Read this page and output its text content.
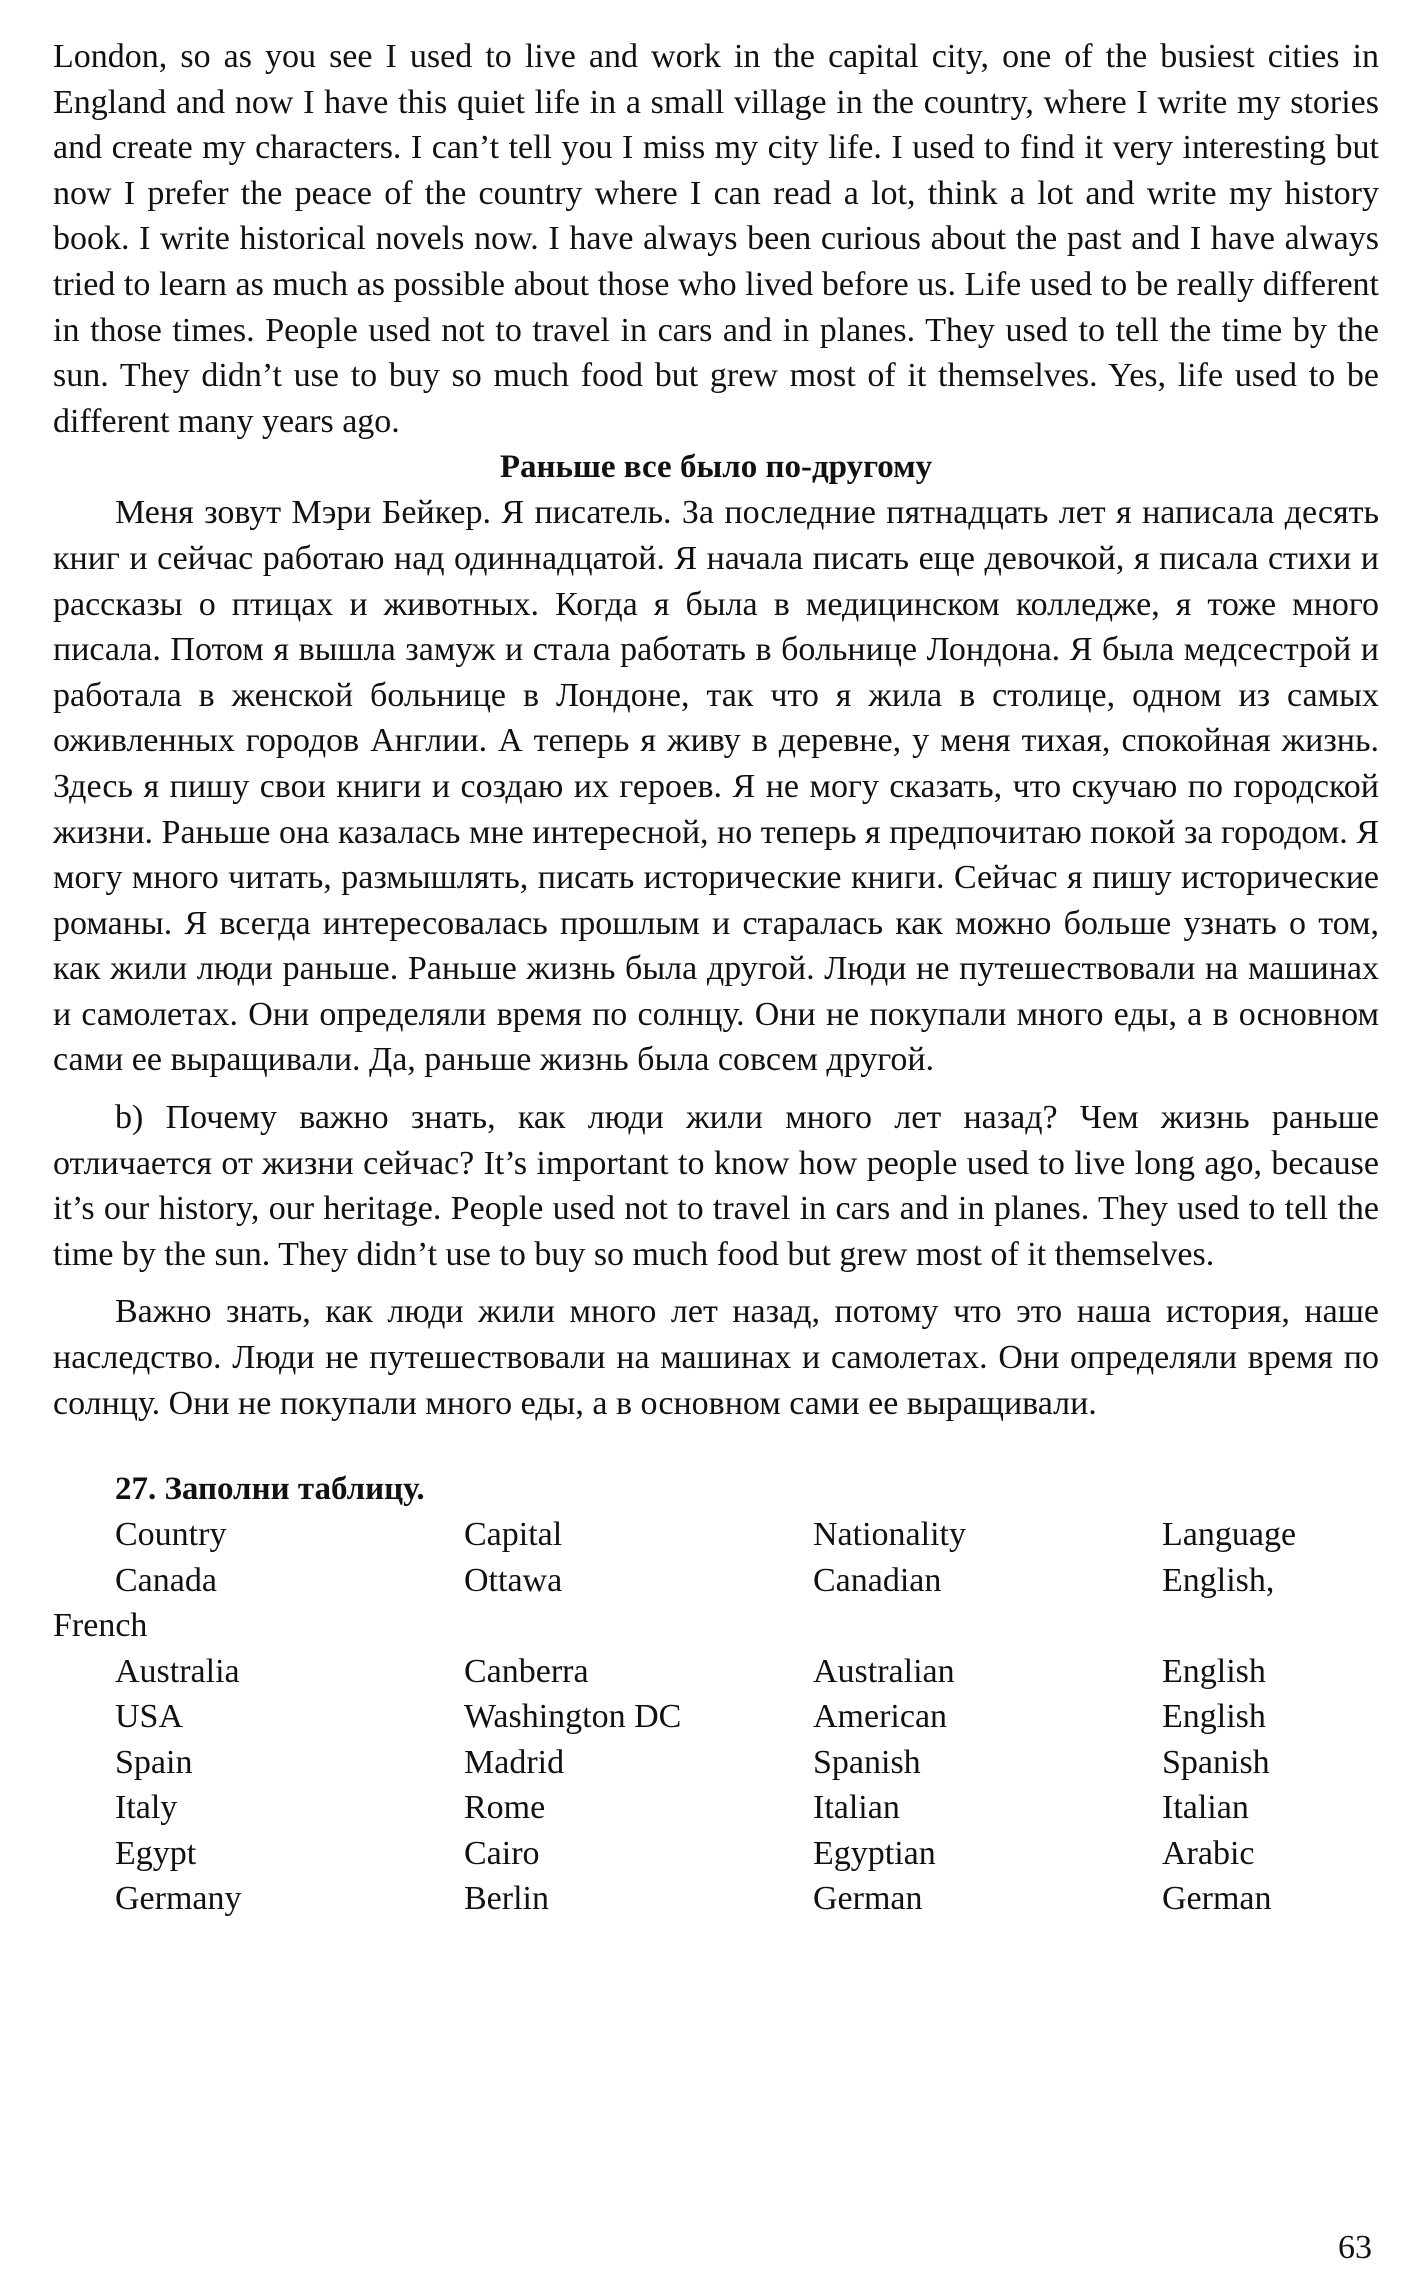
London, so as you see I used to live and work in the capital city, one of the busiest cities in England and now I have this quiet life in a small village in the country, where I write my stories and create my characters. I can’t tell you I miss my city life. I used to find it very interesting but now I prefer the peace of the country where I can read a lot, think a lot and write my history book. I write historical novels now. I have always been curious about the past and I have always tried to learn as much as possible about those who lived before us. Life used to be really different in those times. People used not to travel in cars and in planes. They used to tell the time by the sun. They didn’t use to buy so much food but grew most of it themselves. Yes, life used to be different many years ago.

Раньше все было по-другому

Меня зовут Мэри Бейкер. Я писатель. За последние пятнадцать лет я написала десять книг и сейчас работаю над одиннадцатой. Я начала писать еще девочкой, я писала стихи и рассказы о птицах и животных. Когда я была в медицинском колледже, я тоже много писала. Потом я вышла замуж и стала работать в больнице Лондона. Я была медсестрой и работала в женской больнице в Лондоне, так что я жила в столице, одном из самых оживленных городов Англии. А теперь я живу в деревне, у меня тихая, спокойная жизнь. Здесь я пишу свои книги и создаю их героев. Я не могу сказать, что скучаю по городской жизни. Раньше она казалась мне интересной, но теперь я предпочитаю покой за городом. Я могу много читать, размышлять, писать исторические книги. Сейчас я пишу исторические романы. Я всегда интересовалась прошлым и старалась как можно больше узнать о том, как жили люди раньше. Раньше жизнь была другой. Люди не путешествовали на машинах и самолетах. Они определяли время по солнцу. Они не покупали много еды, а в основном сами ее выращивали. Да, раньше жизнь была совсем другой.

b) Почему важно знать, как люди жили много лет назад? Чем жизнь раньше отличается от жизни сейчас? It’s important to know how people used to live long ago, because it’s our history, our heritage. People used not to travel in cars and in planes. They used to tell the time by the sun. They didn’t use to buy so much food but grew most of it themselves.

Важно знать, как люди жили много лет назад, потому что это наша история, наше наследство. Люди не путешествовали на машинах и самолетах. Они определяли время по солнцу. Они не покупали много еды, а в основном сами ее выращивали.

27. Заполни таблицу.
Country	Capital	Nationality	Language
Canada	Ottawa	Canadian	English,
French
Australia	Canberra	Australian	English
USA	Washington DC	American	English
Spain	Madrid	Spanish	Spanish
Italy	Rome	Italian	Italian
Egypt	Cairo	Egyptian	Arabic
Germany	Berlin	German	German
63
